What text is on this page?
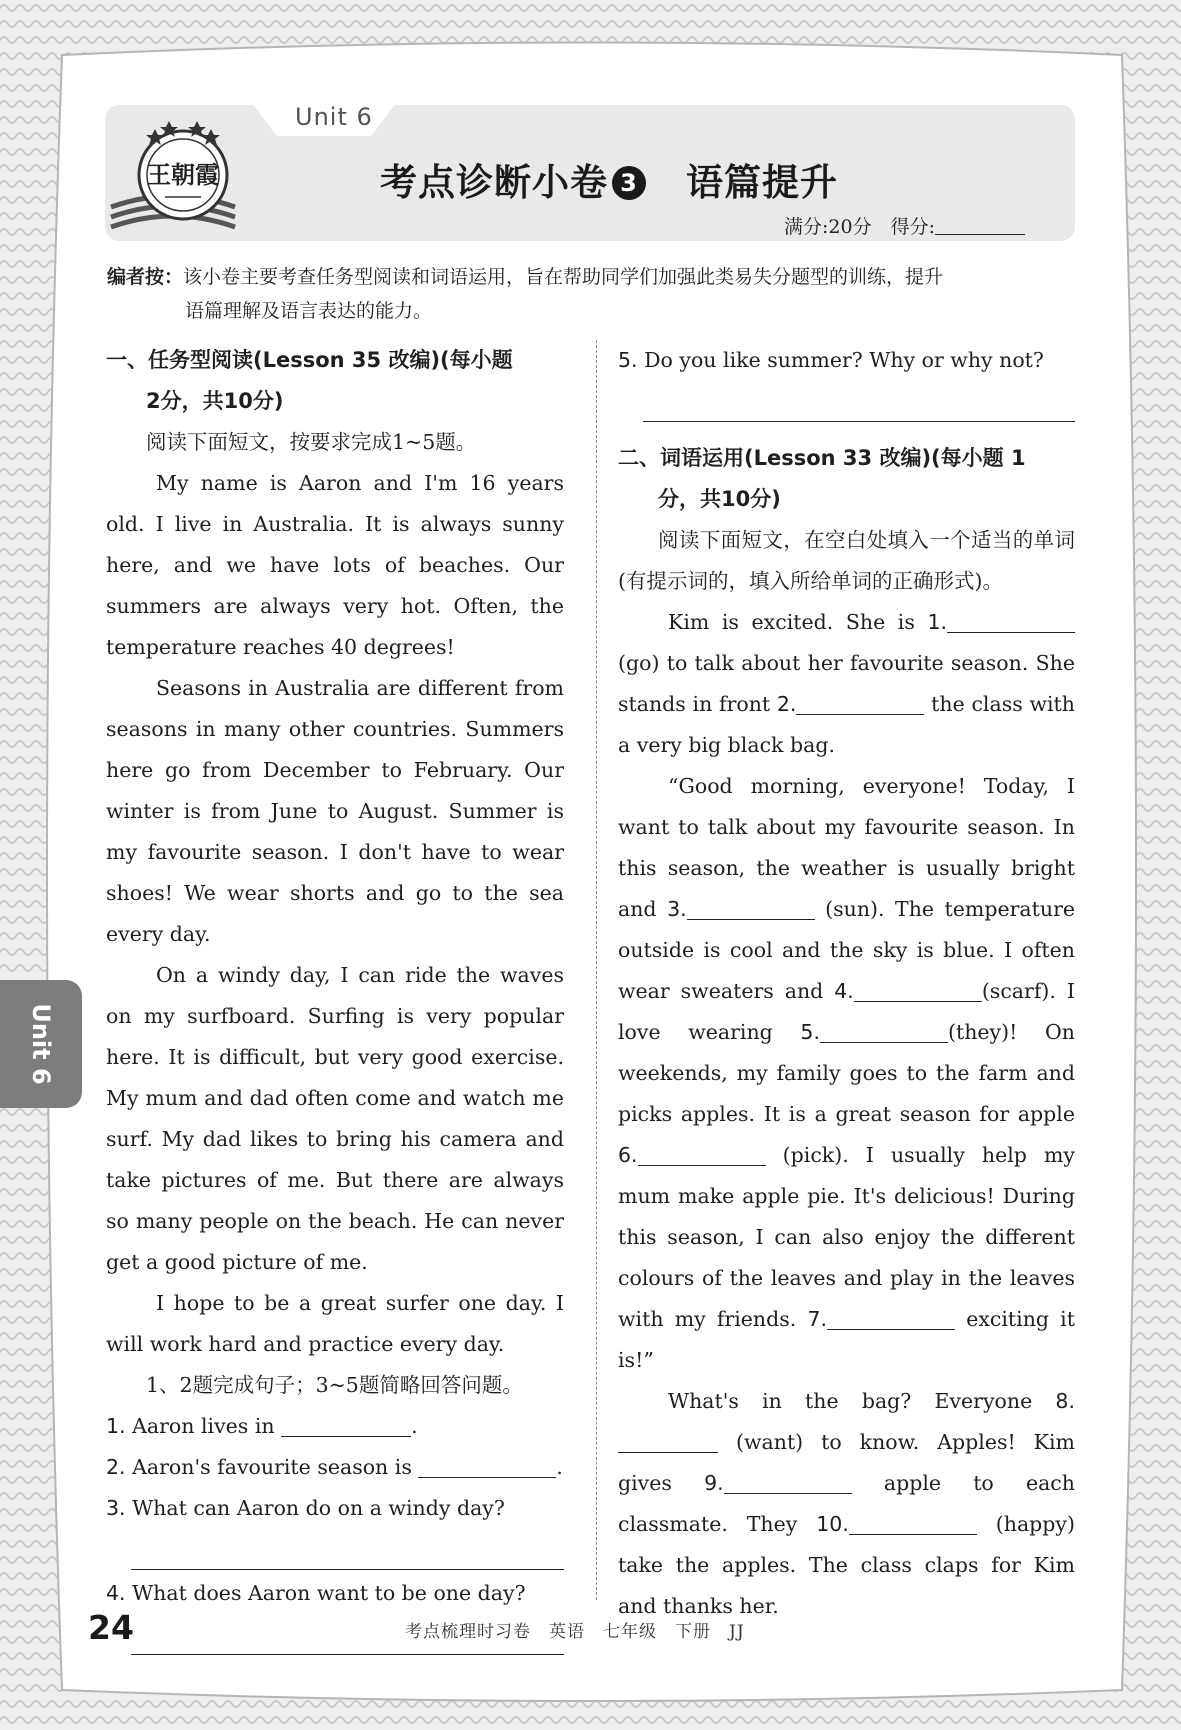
Unit 6
王朝霞	考点诊断小卷 3 语篇提升
满分:20分　得分:
编者按：该小卷主要考查任务型阅读和词语运用，旨在帮助同学们加强此类易失分题型的训练，提升
语篇理解及语言表达的能力。
一、任务型阅读(Lesson 35 改编)(每小题
2分，共10分)
阅读下面短文，按要求完成1~5题。
My name is Aaron and I'm 16 years old. I live in Australia. It is always sunny here, and we have lots of beaches. Our summers are always very hot. Often, the temperature reaches 40 degrees!
Seasons in Australia are different from seasons in many other countries. Summers here go from December to February. Our winter is from June to August. Summer is my favourite season. I don't have to wear shoes! We wear shorts and go to the sea every day.
On a windy day, I can ride the waves on my surfboard. Surfing is very popular here. It is difficult, but very good exercise. My mum and dad often come and watch me surf. My dad likes to bring his camera and take pictures of me. But there are always so many people on the beach. He can never get a good picture of me.
I hope to be a great surfer one day. I will work hard and practice every day.
1、2题完成句子；3~5题简略回答问题。
1. Aaron lives in	.
2. Aaron's favourite season is	.
3. What can Aaron do on a windy day?
4. What does Aaron want to be one day?
5. Do you like summer? Why or why not?
二、词语运用(Lesson 33 改编)(每小题 1
分，共10分)
阅读下面短文，在空白处填入一个适当的单词(有提示词的，填入所给单词的正确形式)。
Kim is excited. She is 1. (go) to talk about her favourite season. She stands in front 2.	the class with a very big black bag.
“Good morning, everyone! Today, I want to talk about my favourite season. In this season, the weather is usually bright and 3.	(sun). The temperature outside is cool and the sky is blue. I often wear sweaters and 4.	(scarf). I love wearing 5.	(they)! On weekends, my family goes to the farm and picks apples. It is a great season for apple 6.	(pick). I usually help my mum make apple pie. It's delicious! During this season, I can also enjoy the different colours of the leaves and play in the leaves with my friends. 7.	exciting it is!”
What's in the bag? Everyone 8. (want) to know. Apples! Kim gives 9.	apple to each classmate. They 10.	(happy) take the apples. The class claps for Kim and thanks her.
Unit 6
24	考点梳理时习卷　英语　七年级　下册　JJ
